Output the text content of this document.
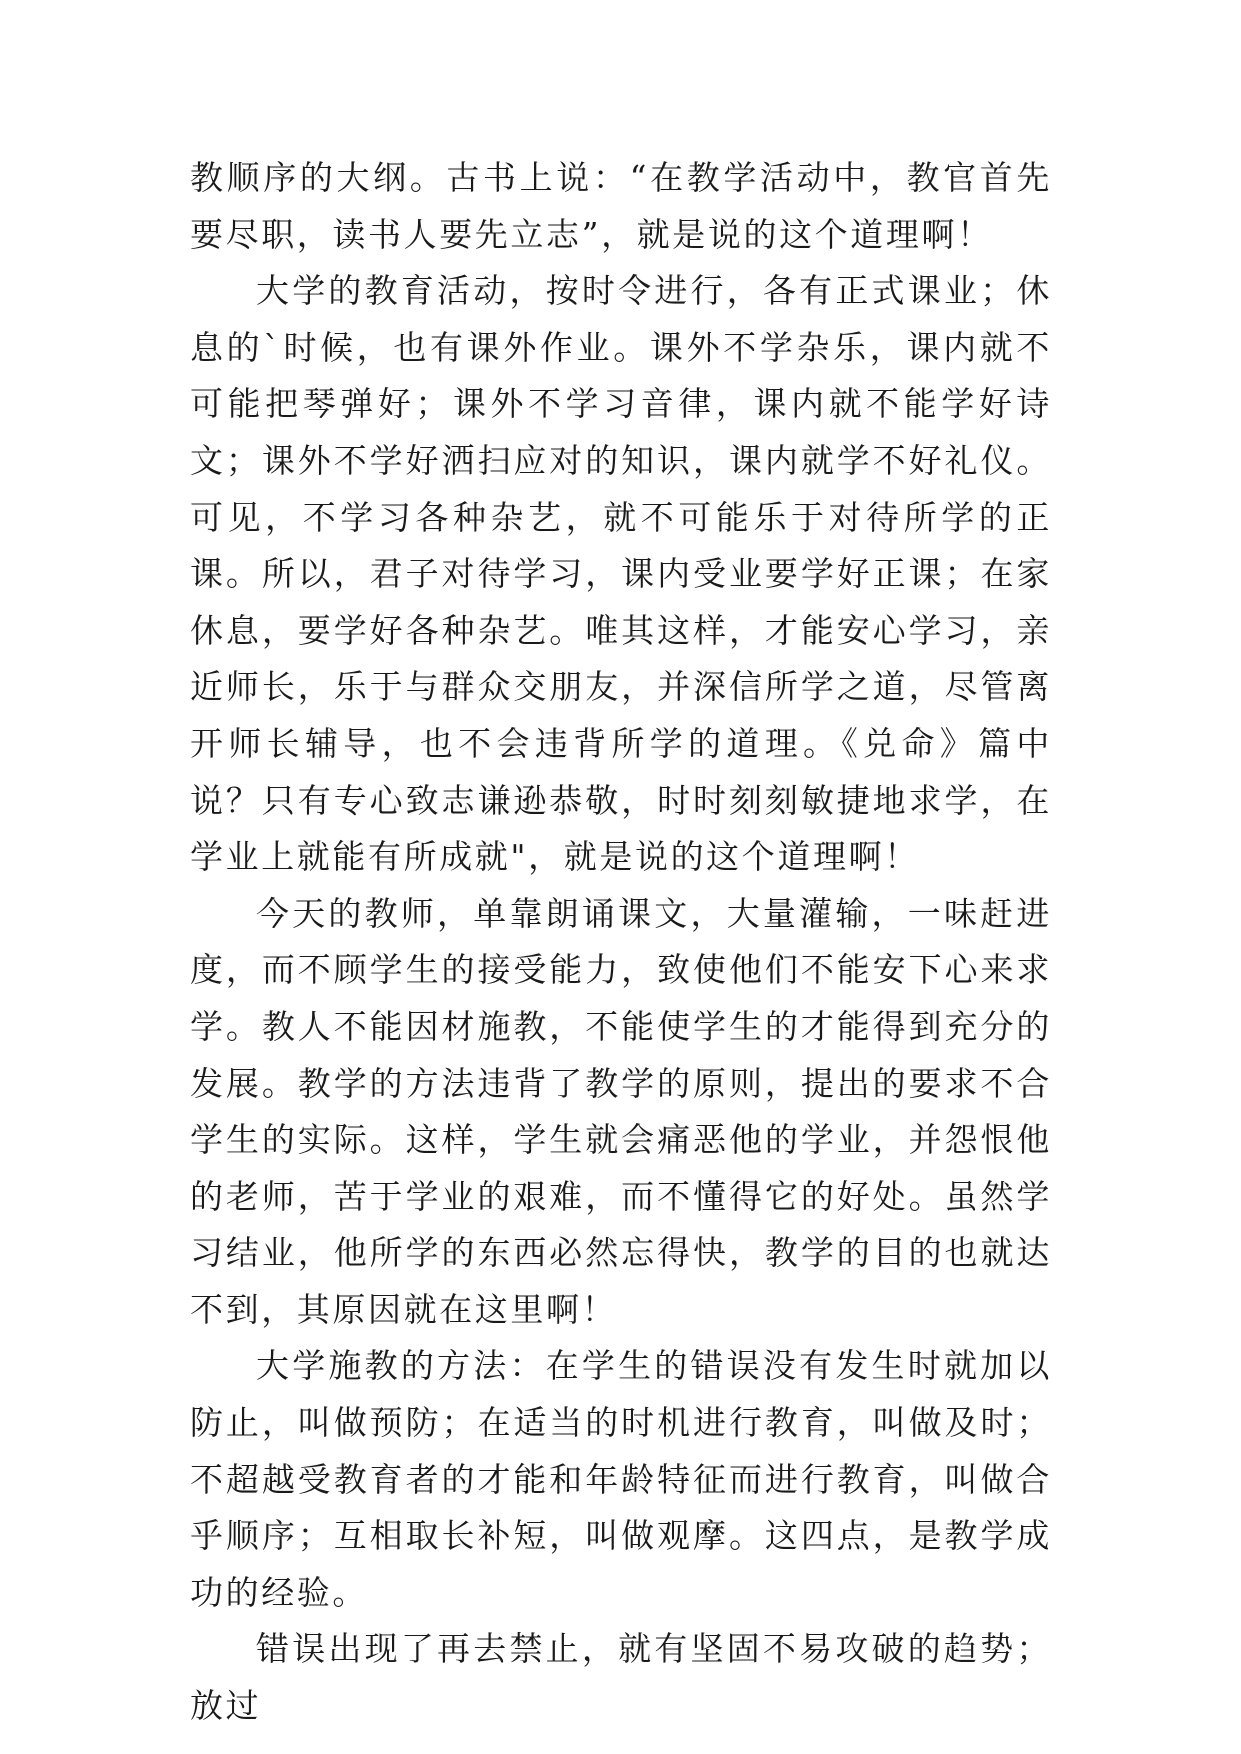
教顺序的大纲。古书上说：“在教学活动中，教官首先要尽职，读书人要先立志”，就是说的这个道理啊！

大学的教育活动，按时令进行，各有正式课业；休息的`时候，也有课外作业。课外不学杂乐，课内就不可能把琴弹好；课外不学习音律，课内就不能学好诗文；课外不学好洒扫应对的知识，课内就学不好礼仪。可见，不学习各种杂艺，就不可能乐于对待所学的正课。所以，君子对待学习，课内受业要学好正课；在家休息，要学好各种杂艺。唯其这样，才能安心学习，亲近师长，乐于与群众交朋友，并深信所学之道，尽管离开师长辅导，也不会违背所学的道理。《兑命》篇中说？只有专心致志谦逊恭敬，时时刻刻敏捷地求学，在学业上就能有所成就"，就是说的这个道理啊！

今天的教师，单靠朗诵课文，大量灌输，一味赶进度，而不顾学生的接受能力，致使他们不能安下心来求学。教人不能因材施教，不能使学生的才能得到充分的发展。教学的方法违背了教学的原则，提出的要求不合学生的实际。这样，学生就会痛恶他的学业，并怨恨他的老师，苦于学业的艰难，而不懂得它的好处。虽然学习结业，他所学的东西必然忘得快，教学的目的也就达不到，其原因就在这里啊！

大学施教的方法：在学生的错误没有发生时就加以防止，叫做预防；在适当的时机进行教育，叫做及时；不超越受教育者的才能和年龄特征而进行教育，叫做合乎顺序；互相取长补短，叫做观摩。这四点，是教学成功的经验。

错误出现了再去禁止，就有坚固不易攻破的趋势；放过
